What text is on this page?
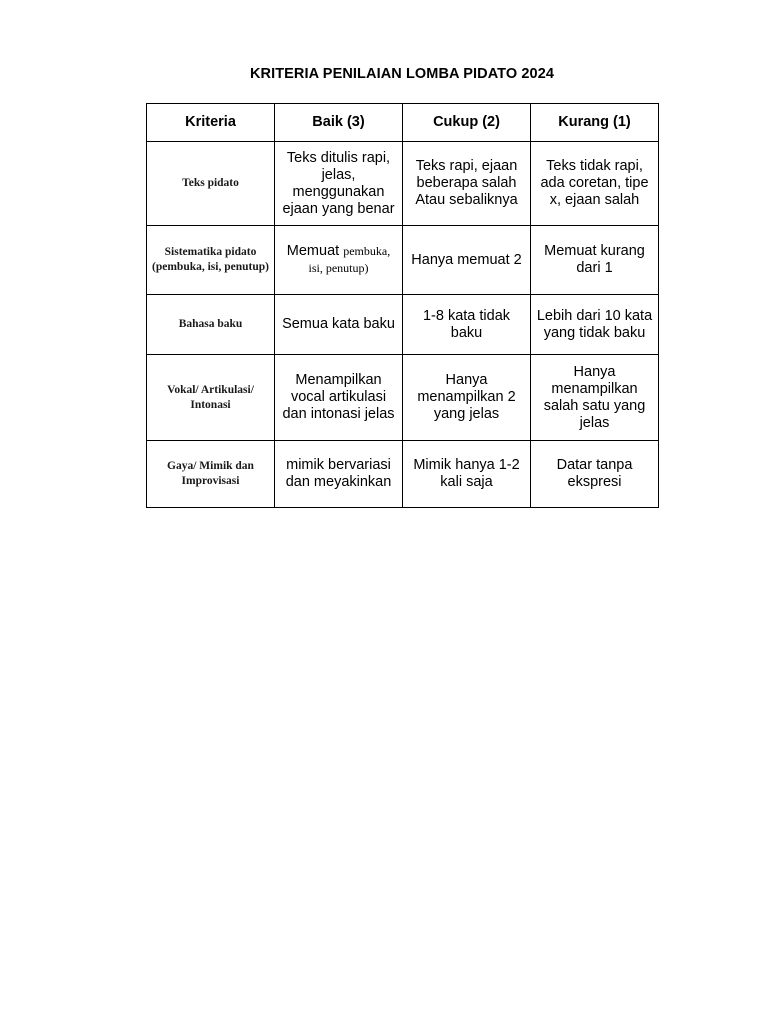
KRITERIA PENILAIAN LOMBA PIDATO 2024
Kriteria	Baik (3)	Cukup (2)	Kurang (1)
Teks pidato	Teks ditulis rapi, jelas, menggunakan ejaan yang benar	Teks rapi, ejaan beberapa salah Atau sebaliknya	Teks tidak rapi, ada coretan, tipe x, ejaan salah
Sistematika pidato (pembuka, isi, penutup)	Memuat pembuka, isi, penutup)	Hanya memuat 2	Memuat kurang dari 1
Bahasa baku	Semua kata baku	1-8 kata tidak baku	Lebih dari 10 kata yang tidak baku
Vokal/ Artikulasi/ Intonasi	Menampilkan vocal artikulasi dan intonasi jelas	Hanya menampilkan 2 yang jelas	Hanya menampilkan salah satu yang jelas
Gaya/ Mimik dan Improvisasi	mimik bervariasi dan meyakinkan	Mimik hanya 1-2 kali saja	Datar tanpa ekspresi
